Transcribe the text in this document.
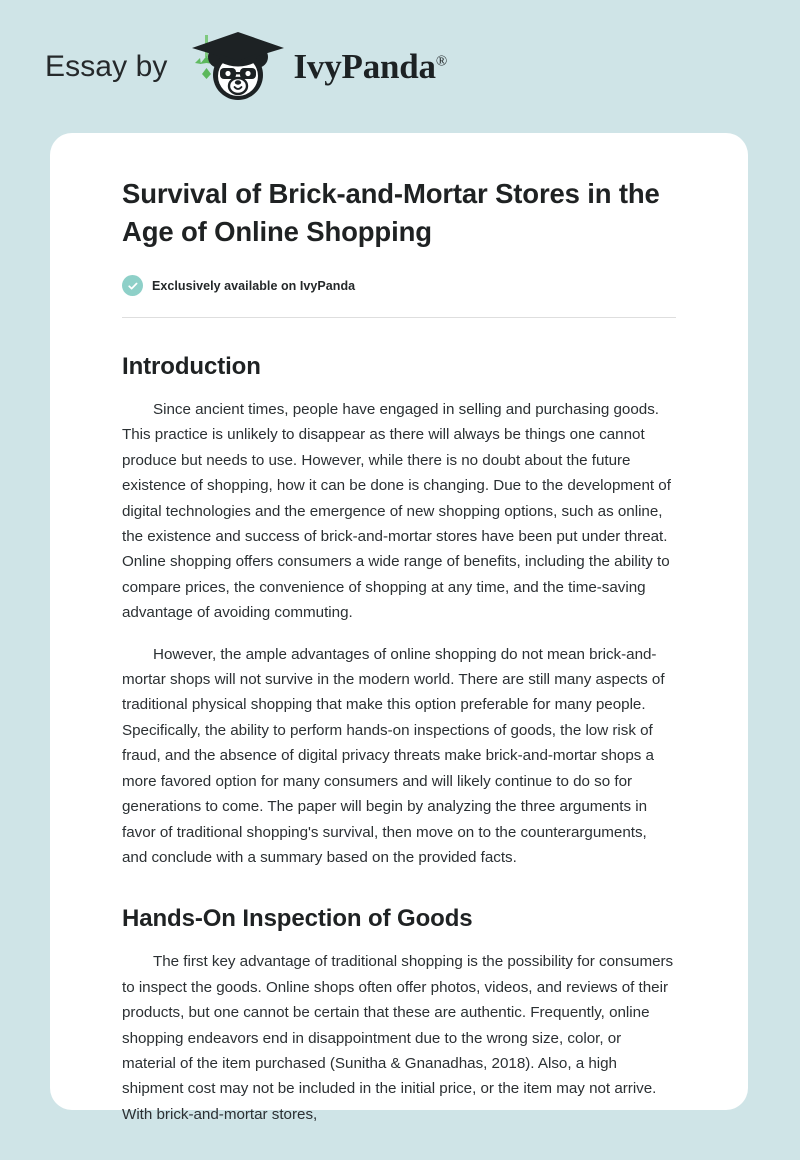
Essay by	IvyPanda®
Survival of Brick-and-Mortar Stores in the Age of Online Shopping
Exclusively available on IvyPanda
Introduction

Since ancient times, people have engaged in selling and purchasing goods. This practice is unlikely to disappear as there will always be things one cannot produce but needs to use. However, while there is no doubt about the future existence of shopping, how it can be done is changing. Due to the development of digital technologies and the emergence of new shopping options, such as online, the existence and success of brick-and-mortar stores have been put under threat. Online shopping offers consumers a wide range of benefits, including the ability to compare prices, the convenience of shopping at any time, and the time-saving advantage of avoiding commuting.

However, the ample advantages of online shopping do not mean brick-and-mortar shops will not survive in the modern world. There are still many aspects of traditional physical shopping that make this option preferable for many people. Specifically, the ability to perform hands-on inspections of goods, the low risk of fraud, and the absence of digital privacy threats make brick-and-mortar shops a more favored option for many consumers and will likely continue to do so for generations to come. The paper will begin by analyzing the three arguments in favor of traditional shopping's survival, then move on to the counterarguments, and conclude with a summary based on the provided facts.

Hands-On Inspection of Goods

The first key advantage of traditional shopping is the possibility for consumers to inspect the goods. Online shops often offer photos, videos, and reviews of their products, but one cannot be certain that these are authentic. Frequently, online shopping endeavors end in disappointment due to the wrong size, color, or material of the item purchased (Sunitha & Gnanadhas, 2018). Also, a high shipment cost may not be included in the initial price, or the item may not arrive. With brick-and-mortar stores,
